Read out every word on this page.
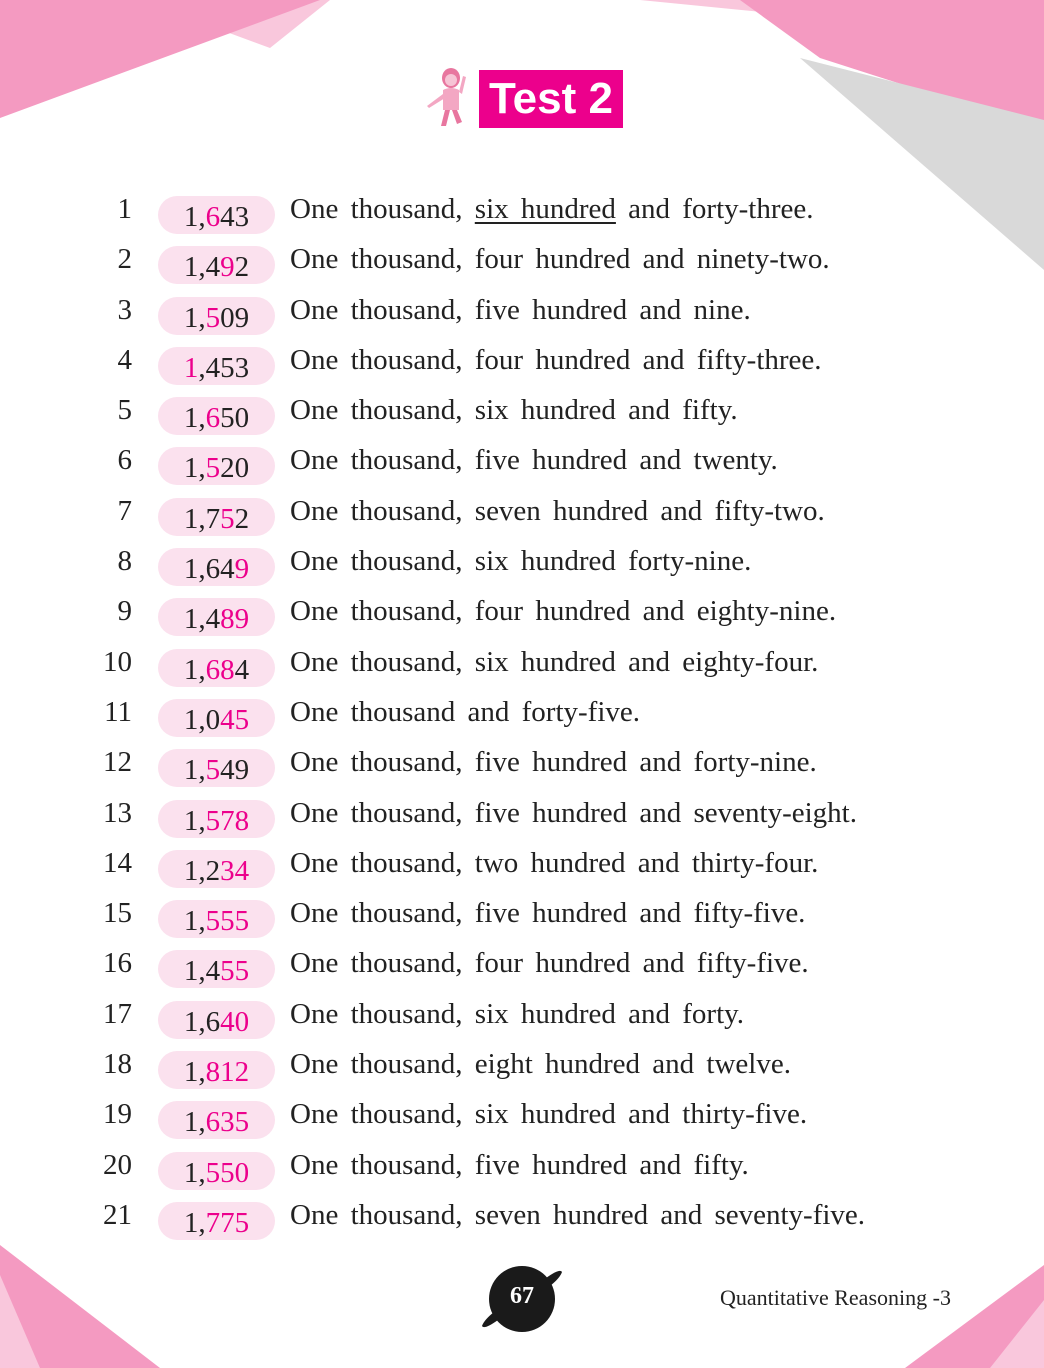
Test 2
1	1,643	One thousand, six hundred and forty-three.
2	1,492	One thousand, four hundred and ninety-two.
3	1,509	One thousand, five hundred and nine.
4	1,453	One thousand, four hundred and fifty-three.
5	1,650	One thousand, six hundred and fifty.
6	1,520	One thousand, five hundred and twenty.
7	1,752	One thousand, seven hundred and fifty-two.
8	1,649	One thousand, six hundred forty-nine.
9	1,489	One thousand, four hundred and eighty-nine.
10	1,684	One thousand, six hundred and eighty-four.
11	1,045	One thousand and forty-five.
12	1,549	One thousand, five hundred and forty-nine.
13	1,578	One thousand, five hundred and seventy-eight.
14	1,234	One thousand, two hundred and thirty-four.
15	1,555	One thousand, five hundred and fifty-five.
16	1,455	One thousand, four hundred and fifty-five.
17	1,640	One thousand, six hundred and forty.
18	1,812	One thousand, eight hundred and twelve.
19	1,635	One thousand, six hundred and thirty-five.
20	1,550	One thousand, five hundred and fifty.
21	1,775	One thousand, seven hundred and seventy-five.
67	Quantitative Reasoning -3
